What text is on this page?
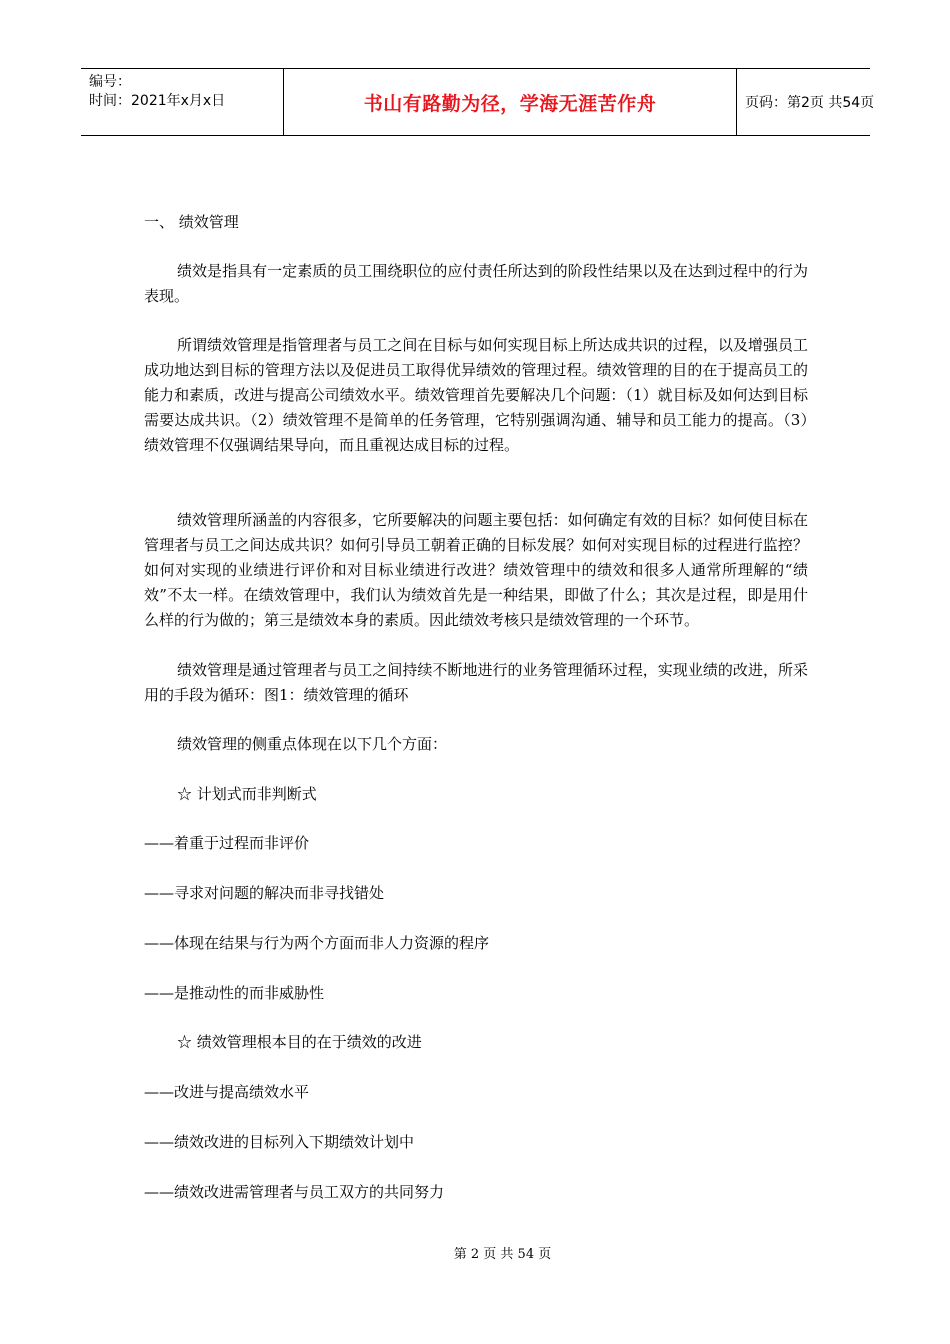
编号：
时间：2021年x月x日	书山有路勤为径，学海无涯苦作舟	页码：第2页 共54页
一、 绩效管理
绩效是指具有一定素质的员工围绕职位的应付责任所达到的阶段性结果以及在达到过程中的行为表现。
所谓绩效管理是指管理者与员工之间在目标与如何实现目标上所达成共识的过程，以及增强员工成功地达到目标的管理方法以及促进员工取得优异绩效的管理过程。绩效管理的目的在于提高员工的能力和素质，改进与提高公司绩效水平。绩效管理首先要解决几个问题：（1）就目标及如何达到目标需要达成共识。（2）绩效管理不是简单的任务管理，它特别强调沟通、辅导和员工能力的提高。（3）绩效管理不仅强调结果导向，而且重视达成目标的过程。
绩效管理所涵盖的内容很多，它所要解决的问题主要包括：如何确定有效的目标？如何使目标在管理者与员工之间达成共识？如何引导员工朝着正确的目标发展？如何对实现目标的过程进行监控？如何对实现的业绩进行评价和对目标业绩进行改进？绩效管理中的绩效和很多人通常所理解的“绩效”不太一样。在绩效管理中，我们认为绩效首先是一种结果，即做了什么；其次是过程，即是用什么样的行为做的；第三是绩效本身的素质。因此绩效考核只是绩效管理的一个环节。
绩效管理是通过管理者与员工之间持续不断地进行的业务管理循环过程，实现业绩的改进，所采用的手段为循环：图1：绩效管理的循环
绩效管理的侧重点体现在以下几个方面：
☆ 计划式而非判断式
——着重于过程而非评价
——寻求对问题的解决而非寻找错处
——体现在结果与行为两个方面而非人力资源的程序
——是推动性的而非威胁性
☆ 绩效管理根本目的在于绩效的改进
——改进与提高绩效水平
——绩效改进的目标列入下期绩效计划中
——绩效改进需管理者与员工双方的共同努力
第 2 页 共 54 页
